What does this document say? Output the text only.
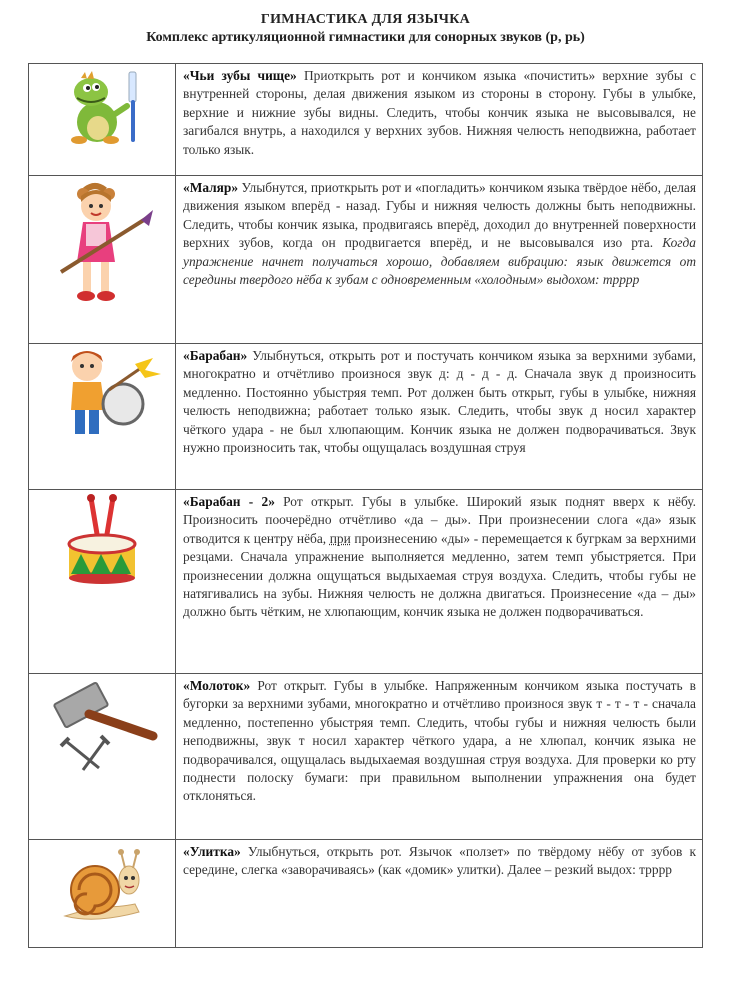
ГИМНАСТИКА ДЛЯ ЯЗЫЧКА
Комплекс артикуляционной гимнастики для сонорных звуков (р, рь)
	«Чьи зубы чище» Приоткрыть рот и кончиком языка «почистить» верхние зубы с внутренней стороны, делая движения языком из стороны в сторону. Губы в улыбке, верхние и нижние зубы видны. Следить, чтобы кончик языка не высовывался, не загибался внутрь, а находился у верхних зубов. Нижняя челюсть неподвижна, работает только язык.

	«Маляр» Улыбнутся, приоткрыть рот и «погладить» кончиком языка твёрдое нёбо, делая движения языком вперёд - назад. Губы и нижняя челюсть должны быть неподвижны. Следить, чтобы кончик языка, продвигаясь вперёд, доходил до внутренней поверхности верхних зубов, когда он продвигается вперёд, и не высовывался изо рта. Когда упражнение начнет получаться хорошо, добавляем вибрацию: язык движется от середины твердого нёба к зубам с одновременным «холодным» выдохом: трррр

	«Барабан» Улыбнуться, открыть рот и постучать кончиком языка за верхними зубами, многократно и отчётливо произнося звук д: д - д - д. Сначала звук д произносить медленно. Постоянно убыстряя темп. Рот должен быть открыт, губы в улыбке, нижняя челюсть неподвижна; работает только язык. Следить, чтобы звук д носил характер чёткого удара - не был хлюпающим. Кончик языка не должен подворачиваться. Звук нужно произносить так, чтобы ощущалась воздушная струя

	«Барабан - 2» Рот открыт. Губы в улыбке. Широкий язык поднят вверх к нёбу. Произносить поочерёдно отчётливо «да – ды». При произнесении слога «да» язык отводится к центру нёба, при произнесению «ды» - перемещается к бугркам за верхними резцами. Сначала упражнение выполняется медленно, затем темп убыстряется. При произнесении должна ощущаться выдыхаемая струя воздуха. Следить, чтобы губы не натягивались на зубы. Нижняя челюсть не должна двигаться. Произнесение «да – ды» должно быть чётким, не хлюпающим, кончик языка не должен подворачиваться.

	«Молоток» Рот открыт. Губы в улыбке. Напряженным кончиком языка постучать в бугорки за верхними зубами, многократно и отчётливо произнося звук т - т - т - сначала медленно, постепенно убыстряя темп. Следить, чтобы губы и нижняя челюсть были неподвижны, звук т носил характер чёткого удара, а не хлюпал, кончик языка не подворачивался, ощущалась выдыхаемая воздушная струя воздуха. Для проверки ко рту поднести полоску бумаги: при правильном выполнении упражнения она будет отклоняться.

	«Улитка» Улыбнуться, открыть рот. Язычок «ползет» по твёрдому нёбу от зубов к середине, слегка «заворачиваясь» (как «домик» улитки). Далее – резкий выдох: трррр
